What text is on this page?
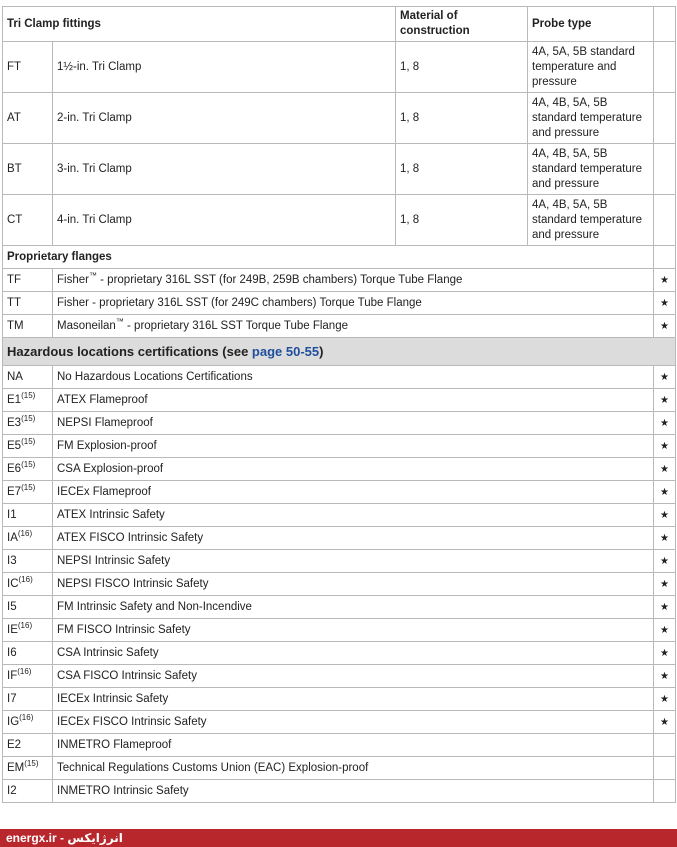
Tri Clamp fittings		Material of construction	Probe type	
FT	1½-in. Tri Clamp	1, 8	4A, 5A, 5B standard temperature and pressure	
AT	2-in. Tri Clamp	1, 8	4A, 4B, 5A, 5B standard temperature and pressure	
BT	3-in. Tri Clamp	1, 8	4A, 4B, 5A, 5B standard temperature and pressure	
CT	4-in. Tri Clamp	1, 8	4A, 4B, 5A, 5B standard temperature and pressure	
Proprietary flanges				
TF	Fisher™ - proprietary 316L SST (for 249B, 259B chambers) Torque Tube Flange			★
TT	Fisher - proprietary 316L SST (for 249C chambers) Torque Tube Flange			★
TM	Masoneilan™ - proprietary 316L SST Torque Tube Flange			★
Hazardous locations certifications (see page 50-55)				
NA	No Hazardous Locations Certifications			★
E1$^{(15)}$	ATEX Flameproof			★
E3$^{(15)}$	NEPSI Flameproof			★
E5$^{(15)}$	FM Explosion-proof			★
E6$^{(15)}$	CSA Explosion-proof			★
E7$^{(15)}$	IECEx Flameproof			★
I1	ATEX Intrinsic Safety			★
IA$^{(16)}$	ATEX FISCO Intrinsic Safety			★
I3	NEPSI Intrinsic Safety			★
IC$^{(16)}$	NEPSI FISCO Intrinsic Safety			★
I5	FM Intrinsic Safety and Non-Incendive			★
IE$^{(16)}$	FM FISCO Intrinsic Safety			★
I6	CSA Intrinsic Safety			★
IF$^{(16)}$	CSA FISCO Intrinsic Safety			★
I7	IECEx Intrinsic Safety			★
IG$^{(16)}$	IECEx FISCO Intrinsic Safety			★
E2	INMETRO Flameproof			
EM$^{(15)}$	Technical Regulations Customs Union (EAC) Explosion-proof			
I2	INMETRO Intrinsic Safety			
energx.ir - انرژایکس
